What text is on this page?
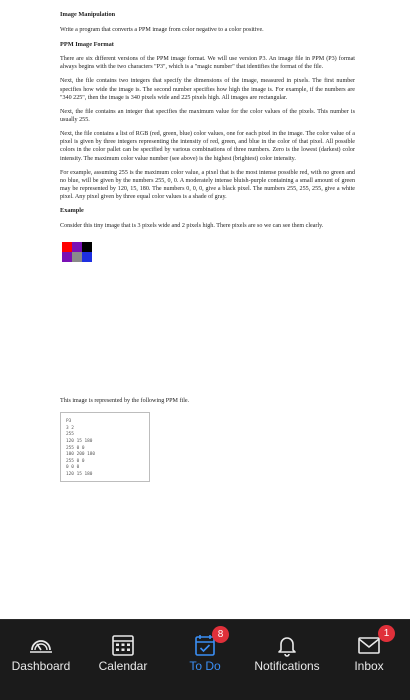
Image Manipulation
Write a program that converts a PPM image from color negative to a color positive.
PPM Image Format
There are six different versions of the PPM image format. We will use version P3. An image file in PPM (P3) format always begins with the two characters "P3", which is a "magic number" that identifies the format of the file.
Next, the file contains two integers that specify the dimensions of the image, measured in pixels. The first number specifies how wide the image is. The second number specifies how high the image is. For example, if the numbers are "340 225", then the image is 340 pixels wide and 225 pixels high. All images are rectangular.
Next, the file contains an integer that specifies the maximum value for the color values of the pixels. This number is usually 255.
Next, the file contains a list of RGB (red, green, blue) color values, one for each pixel in the image. The color value of a pixel is given by three integers representing the intensity of red, green, and blue in the color of that pixel. All possible colors in the color pallet can be specified by various combinations of three numbers. Zero is the lowest (darkest) color intensity. The maximum color value number (see above) is the highest (brightest) color intensity.
For example, assuming 255 is the maximum color value, a pixel that is the most intense possible red, with no green and no blue, will be given by the numbers 255, 0, 0. A moderately intense bluish-purple containing a small amount of green may be represented by 120, 15, 180. The numbers 0, 0, 0, give a black pixel. The numbers 255, 255, 255, give a white pixel. Any pixel given by three equal color values is a shade of gray.
Example
Consider this tiny image that is 3 pixels wide and 2 pixels high. There pixels are so we can see them clearly.
This image is represented by the following PPM file.
P3
3 2
255
120 15 180
255 0 0
100 200 180
255 0 0
0 0 0
120 15 180
Dashboard	Calendar
8
To Do	Notifications
1
Inbox
